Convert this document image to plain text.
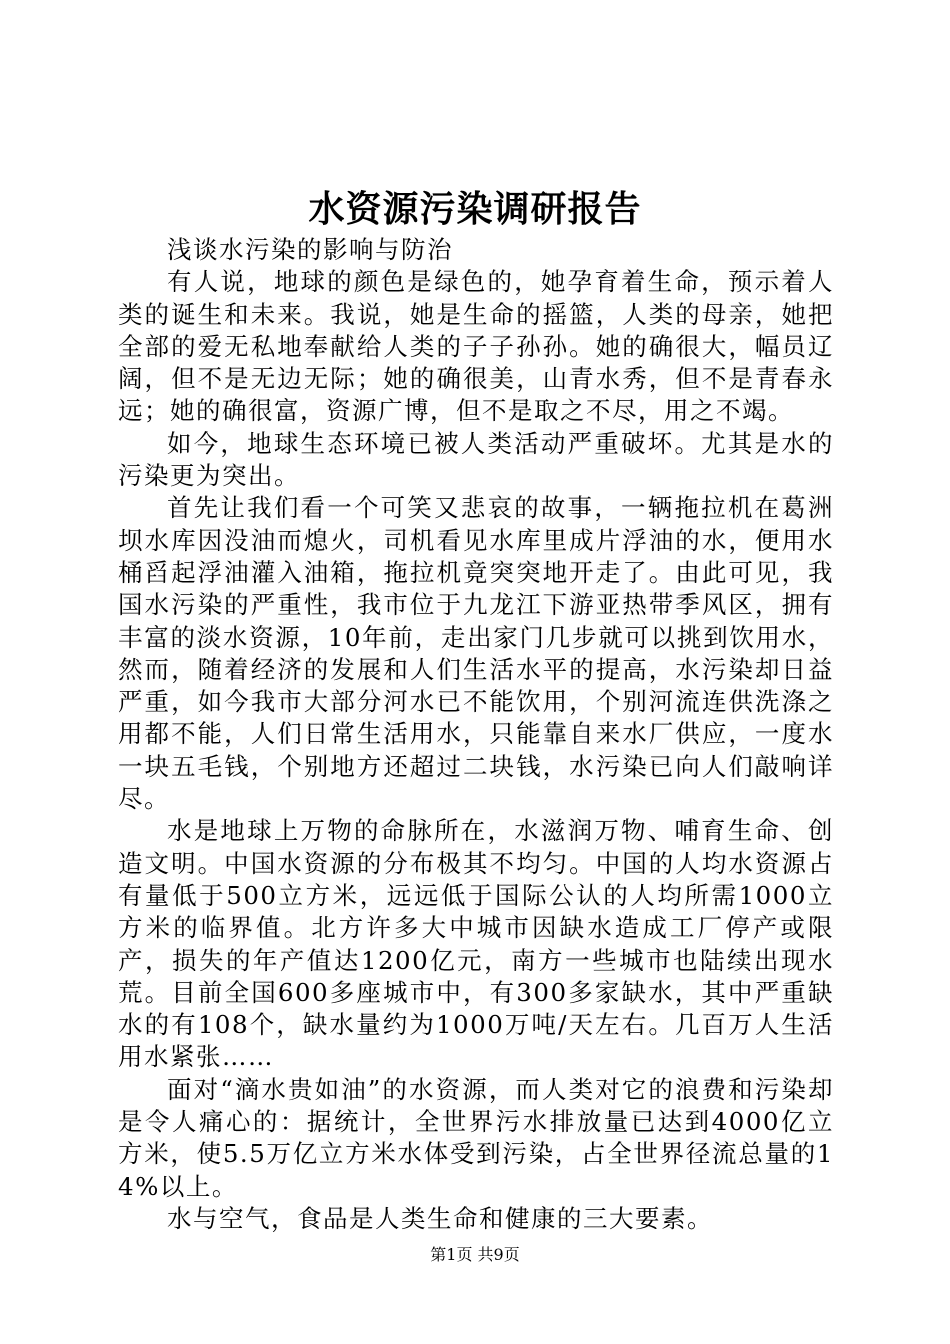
水资源污染调研报告

浅谈水污染的影响与防治

有人说，地球的颜色是绿色的，她孕育着生命，预示着人类的诞生和未来。我说，她是生命的摇篮，人类的母亲，她把全部的爱无私地奉献给人类的子子孙孙。她的确很大，幅员辽阔，但不是无边无际；她的确很美，山青水秀，但不是青春永远；她的确很富，资源广博，但不是取之不尽，用之不竭。

如今，地球生态环境已被人类活动严重破坏。尤其是水的污染更为突出。

首先让我们看一个可笑又悲哀的故事，一辆拖拉机在葛洲坝水库因没油而熄火，司机看见水库里成片浮油的水，便用水桶舀起浮油灌入油箱，拖拉机竟突突地开走了。由此可见，我国水污染的严重性，我市位于九龙江下游亚热带季风区，拥有丰富的淡水资源，10年前，走出家门几步就可以挑到饮用水，然而，随着经济的发展和人们生活水平的提高，水污染却日益严重，如今我市大部分河水已不能饮用，个别河流连供洗涤之用都不能，人们日常生活用水，只能靠自来水厂供应，一度水一块五毛钱，个别地方还超过二块钱，水污染已向人们敲响详尽。

水是地球上万物的命脉所在，水滋润万物、哺育生命、创造文明。中国水资源的分布极其不均匀。中国的人均水资源占有量低于500立方米，远远低于国际公认的人均所需1000立方米的临界值。北方许多大中城市因缺水造成工厂停产或限产，损失的年产值达1200亿元，南方一些城市也陆续出现水荒。目前全国600多座城市中，有300多家缺水，其中严重缺水的有108个，缺水量约为1000万吨/天左右。几百万人生活用水紧张……

面对“滴水贵如油”的水资源，而人类对它的浪费和污染却是令人痛心的：据统计，全世界污水排放量已达到4000亿立方米，使5.5万亿立方米水体受到污染，占全世界径流总量的14%以上。

水与空气，食品是人类生命和健康的三大要素。

第1页 共9页
